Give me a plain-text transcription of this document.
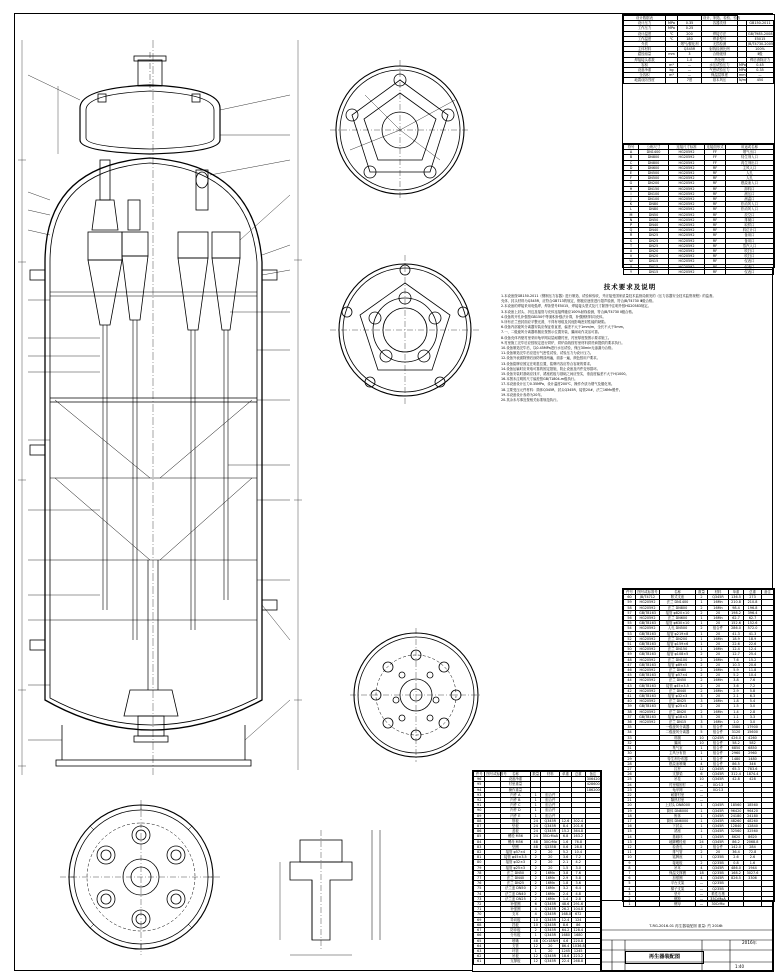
设计数据表			设计、制造、检验、验收		
设计压力	MPa	0.35	容器类别		GB150-2011
工作压力	MPa	0.25			
设计温度	℃	200	焊接方法		GB/T985-2008
工作温度	℃	180	焊条型号		E5015
介质		烟气/催化剂	无损检测		JB/T4730-2005
主体材料		Q345R	射线检测比例		100%
腐蚀裕量	mm	3	合格级别		Ⅱ级
焊接接头系数		1.0	热处理		焊后消除应力
容积	m³	—	水压试验压力	MPa	0.45
设备净重	kg	—	气密试验压力	MPa	0.35
全容积	m³	—	保温层厚度	mm	—
地震设防烈度		7度	基本风压	N/m²	450
符号	公称尺寸	连接尺寸标准	连接面形式	用途或名称
A	DN1400	HG20592	FF	烟气出口
B	DN800	HG20592	FF	待生剂入口
C	DN800	HG20592	FF	再生剂出口
D	DN600	HG20592	RF	主风入口
E	DN500	HG20592	RF	人孔
F	DN500	HG20592	RF	人孔
G	DN200	HG20592	RF	燃烧油入口
H	DN150	HG20592	RF	卸料口
I	DN100	HG20592	RF	测压口
J	DN100	HG20592	RF	测温口
K	DN80	HG20592	RF	松动风入口
L	DN80	HG20592	RF	松动风入口
M	DN50	HG20592	RF	放空口
N	DN50	HG20592	RF	排凝口
P	DN40	HG20592	RF	取样口
Q	DN40	HG20592	RF	料位计口
R	DN25	HG20592	RF	备用口
S	DN25	HG20592	RF	备用口
T	DN25	HG20592	RF	蒸汽入口
U	DN20	HG20592	RF	吹扫口
V	DN20	HG20592	RF	吹扫口
W	DN15	HG20592	RF	仪表口
X	DN15	HG20592	RF	仪表口
Y	DN15	HG20592	RF	仪表口
技术要求及说明

1.本设备按GB150-2011《钢制压力容器》进行制造、试验和验收，并应接受国家质量技术监督局颁发的《压力容器安全技术监察规程》的监督。

壳体、封头材料为Q345R，应符合GB713的规定，钢板应逐张进行超声检测，符合JB/T4730 Ⅲ级合格。

2.本设备的焊接采用电弧焊，焊条型号E5015，焊接接头型式及尺寸除图中注明外按HG20583规定。

3.本设备上封头、折边及接管与壳体连接焊缝应100%射线检测，符合JB/T4730 Ⅱ级合格。

4.设备的开孔补强按GB150中等面积补强法计算，补强圈材料同壳体。

5.所有法兰密封面应平整光滑，不得有划痕及其他影响密封性能的缺陷。

6.设备内部旋风分离器安装应保证垂直度，偏差不大于1mm/m，全长不大于5mm。

7.一、二级旋风分离器料腿应按图示位置安装，翼阀动作灵活可靠。

8.设备壳体内壁衬里采用龟甲网双层耐磨衬里，衬里厚度按图示要求施工。

9.衬里施工完毕后应按规定进行烘炉，烘炉曲线按衬里材料供货商提供的要求执行。

10.设备制造完毕后，以0.45MPa进行水压试验，保压30min无渗漏为合格。

11.设备制造完毕后应进行气密性试验，试验压力为设计压力。

12.设备外表面除锈后涂防锈漆两遍，面漆一遍，颜色按用户要求。

13.设备铭牌应固定在明显位置，铭牌内容应符合容规的要求。

14.设备运输时应采取可靠的固定措施，防止设备及内件变形损坏。

15.设备安装时基础应找平，裙座底板与基础之间应垫实，垂直度偏差不大于H/1000。

16.本图未注明的尺寸偏差按GB/T1804-m级执行。

17.本设备设计压力0.35MPa，设计温度200℃，操作介质为烟气及催化剂。

18.主要受压元件材料：筒体Q345R，封头Q345R，接管20#，法兰16Mn锻件。

19.本设备设计寿命为20年。

20.其余未尽事宜按相关标准规范执行。

件号	图号或标准号	名称	数量	材料	单重	总重	备注
60	JB/T4712	鞍式支座	2	Q345R	136.5	273	
59	HG20592	法兰 DN1400	1	16Mn	210.8	210.8	
58	HG20592	法兰 DN800	2	16Mn	98.4	196.8	
57	GB/T8163	接管 φ820×10	2	20	198.2	396.4	
56	HG20592	法兰 DN600	1	16Mn	62.7	62.7	
55	GB/T8163	接管 φ630×10	1	20	152.6	152.6	
54	HG20592	人孔 DN500	2	组合件	286.0	572.0	
53	GB/T8163	接管 φ219×8	1	20	41.3	41.3	
52	HG20592	法兰 DN200	1	16Mn	18.9	18.9	
51	GB/T8163	接管 φ159×6	1	20	22.6	22.6	
50	HG20592	法兰 DN150	1	16Mn	12.4	12.4	
49	GB/T8163	接管 φ108×5	2	20	12.7	25.4	
48	HG20592	法兰 DN100	2	16Mn	7.6	15.2	
47	GB/T8163	接管 φ89×5	2	20	10.3	20.6	
46	HG20592	法兰 DN80	2	16Mn	5.9	11.8	
45	GB/T8163	接管 φ57×4	2	20	5.2	10.4	
44	HG20592	法兰 DN50	2	16Mn	3.8	7.6	
43	GB/T8163	接管 φ45×3.5	2	20	3.6	7.2	
42	HG20592	法兰 DN40	2	16Mn	2.9	5.8	
41	GB/T8163	接管 φ32×3	3	20	2.1	6.3	
40	HG20592	法兰 DN25	3	16Mn	1.8	5.4	
39	GB/T8163	接管 φ25×3	2	20	1.5	3.0	
38	HG20592	法兰 DN20	2	16Mn	1.4	2.8	
37	GB/T8163	接管 φ18×3	3	20	1.1	3.3	
36	HG20592	法兰 DN15	3	16Mn	1.0	3.0	
35		一级旋风分离器	5	组合件	3580	17900	
34		二级旋风分离器	5	组合件	3120	15600	
33		料腿	10	Q245R	426.0	4260	
32		翼阀	10	组合件	58.2	582	
31		集气室	1	组合件	6850	6850	
30		主风分布管	1	组合件	2960	2960	
29		待生剂分布器	1	组合件	1480	1480	
28		燃烧油喷嘴	4	组合件	86.5	346	
27		拉杆	12	Q345R	65.3	783.6	
26		支撑梁	6	Q345R	312.4	1874.4	
25		吊挂	10	Q345R	42.8	428	
24		衬里锚固钉	—	0Cr13			
23		龟甲网	—	0Cr13			
22		耐磨衬里	—				
21		隔热衬里	—				
20		上封头 DN8000	1	Q345R	18560	18560	
19		筒体 DN8000	1	Q345R	96420	96420	
18		锥体	1	Q345R	24180	24180	
17		筒体 DN6000	1	Q345R	48260	48260	
16		下封头	1	Q345R	12840	12840	
15		裙座	1	Q345R	32560	32560	
14		基础环	1	Q345R	8620	8620	
13		地脚螺栓座	24	Q345R	86.2	2068.8	
12		检查孔	2	组合件	142.0	284	
11		排气管	2	20	36.4	72.8	
10		铭牌座	1	Q235B	2.6	2.6	
9		接地板	2	Q235B	0.8	1.6	
8		吊耳	4	Q345R	486.0	1944	
7		保温支撑圈	18	Q235B	168.2	3027.6	
6		加强圈	4	Q345R	826.5	3306	
5		平台支架	—	Q235B			
4		梯子支架	—	Q235B			
3		垫片	—	柔性石墨			
2		螺栓	—	35CrMoA			
1		螺母	—	30CrMo			
件号	图号或标准号	名称	数量	材料	单重	总重	备注
96		设备净重					306420
95		衬里重量					428600
94		操作重量					1862000
93		内件 A	1	组合件			
92		内件 B	1	组合件			
91		内件 C	1	组合件			
90		内件 D	1	组合件			
89		内件 E	1	组合件			
88		筋板	24	Q345R	12.6	302.4	
87		垫板	24	Q345R	8.4	201.6	
86		盖板	24	Q345R	15.2	364.8	
85		螺栓 M56	24	35CrMoA	6.8	163.2	
84		螺母 M56	48	30CrMo	1.6	76.8	
83		垫圈	48	Q235B	0.6	28.8	
82		接管 φ57×4	2	20	5.2	10.4	
81		接管 φ45×3.5	2	20	3.6	7.2	
80		接管 φ32×3	2	20	2.1	4.2	
79		接管 φ25×3	2	20	1.5	3.0	
78		法兰 DN50	2	16Mn	3.8	7.6	
77		法兰 DN40	2	16Mn	2.9	5.8	
76		法兰 DN25	2	16Mn	1.8	3.6	
75		法兰盖 DN50	2	16Mn	3.2	6.4	
74		法兰盖 DN40	2	16Mn	2.4	4.8	
73		法兰盖 DN25	2	16Mn	1.4	2.8	
72		补强圈	6	Q345R	48.6	291.6	
71		补强圈	4	Q345R	26.2	104.8	
70		支耳	4	Q345R	168.0	672	
69		导向板	10	Q345R	12.4	124	
68		挡板	10	Q345R	8.6	86	
67		防冲板	2	Q345R	64.2	128.4	
66		分布板	1	Q345R	1680	1680	
65		喷嘴	48	0Cr18Ni9	4.6	220.8	
64		支管	12	20	86.4	1036.8	
63		环管	1	20	1245	1245	
62		吊板	12	Q345R	18.6	223.2	
61		支撑板	12	Q345R	22.4	268.8	
T-RG-2016-01 再生器装配图 重量: 约 2016t
2016年
再生器装配图
1:40
